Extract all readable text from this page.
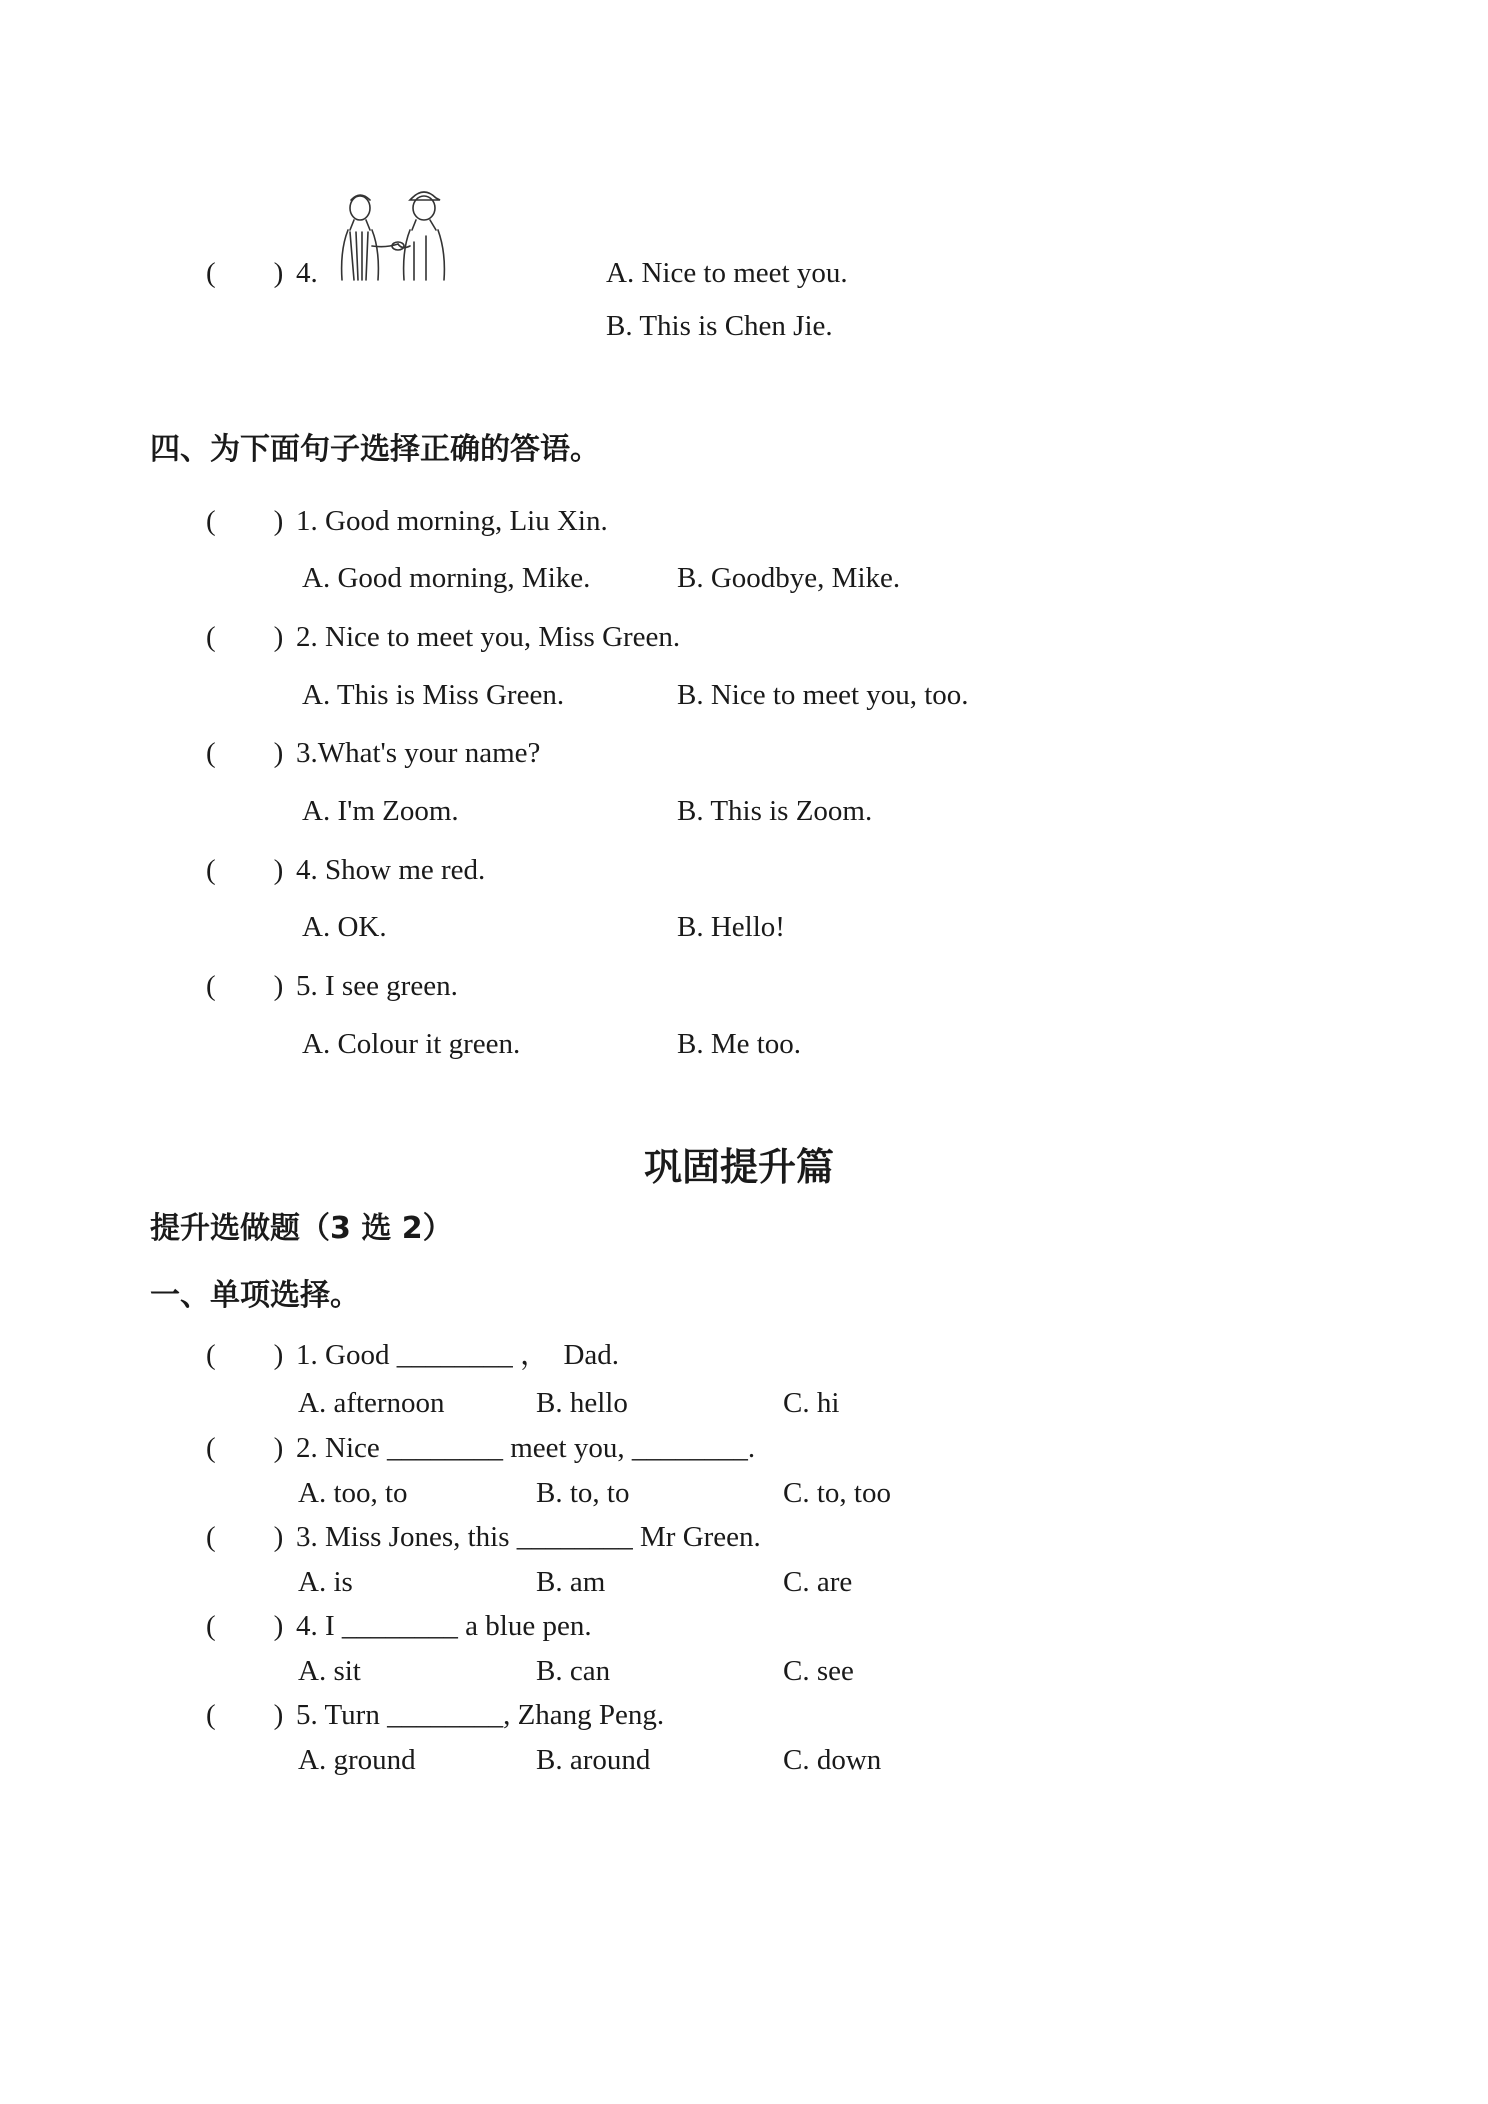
(        ) 4.	A. Nice to meet you.
B. This is Chen Jie.
四、为下面句子选择正确的答语。
(        ) 1. Good morning, Liu Xin.
A. Good morning, Mike.	B. Goodbye, Mike.
(        ) 2. Nice to meet you, Miss Green.
A. This is Miss Green.	B. Nice to meet you, too.
(        ) 3.What's your name?
A. I'm Zoom.	B. This is Zoom.
(        ) 4. Show me red.
A. OK.	B. Hello!
(        ) 5. I see green.
A. Colour it green.	B. Me too.
巩固提升篇
提升选做题（3 选 2）
一、单项选择。
(        ) 1. Good ________ ，  Dad.
A. afternoon	B. hello	C. hi
(        ) 2. Nice ________ meet you, ________.
A. too, to	B. to, to	C. to, too
(        ) 3. Miss Jones, this ________ Mr Green.
A. is	B. am	C. are
(        ) 4. I ________ a blue pen.
A. sit	B. can	C. see
(        ) 5. Turn ________, Zhang Peng.
A. ground	B. around	C. down
